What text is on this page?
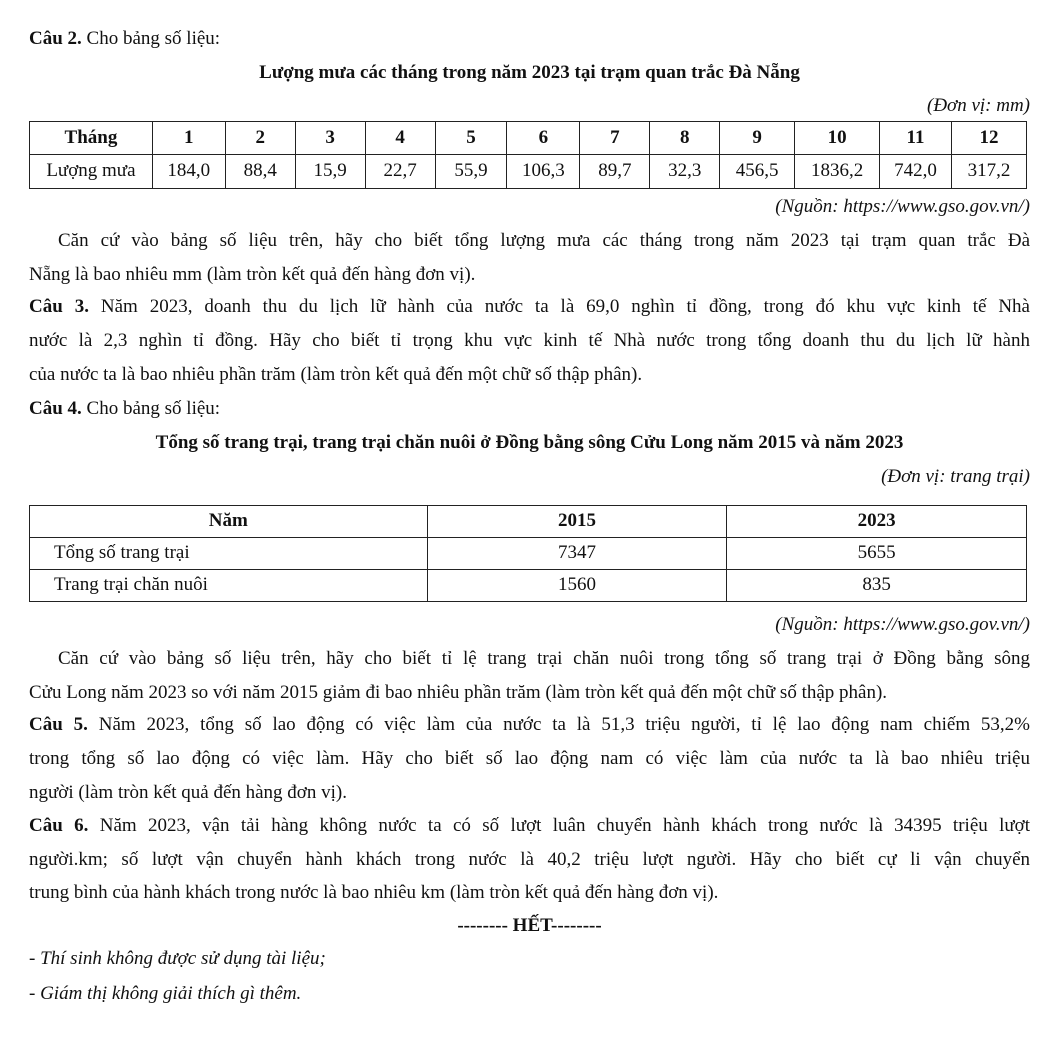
Câu 2. Cho bảng số liệu:
Lượng mưa các tháng trong năm 2023 tại trạm quan trắc Đà Nẵng
(Đơn vị: mm)
Tháng	1	2	3	4	5	6	7	8	9	10	11	12
Lượng mưa	184,0	88,4	15,9	22,7	55,9	106,3	89,7	32,3	456,5	1836,2	742,0	317,2
(Nguồn: https://www.gso.gov.vn/)
Căn cứ vào bảng số liệu trên, hãy cho biết tổng lượng mưa các tháng trong năm 2023 tại trạm quan trắc Đà
Nẵng là bao nhiêu mm (làm tròn kết quả đến hàng đơn vị).
Câu 3. Năm 2023, doanh thu du lịch lữ hành của nước ta là 69,0 nghìn tỉ đồng, trong đó khu vực kinh tế Nhà
nước là 2,3 nghìn tỉ đồng. Hãy cho biết tỉ trọng khu vực kinh tế Nhà nước trong tổng doanh thu du lịch lữ hành
của nước ta là bao nhiêu phần trăm (làm tròn kết quả đến một chữ số thập phân).
Câu 4. Cho bảng số liệu:
Tổng số trang trại, trang trại chăn nuôi ở Đồng bằng sông Cửu Long năm 2015 và năm 2023
(Đơn vị: trang trại)
Năm	2015	2023
Tổng số trang trại	7347	5655
Trang trại chăn nuôi	1560	835
(Nguồn: https://www.gso.gov.vn/)
Căn cứ vào bảng số liệu trên, hãy cho biết tỉ lệ trang trại chăn nuôi trong tổng số trang trại ở Đồng bằng sông
Cửu Long năm 2023 so với năm 2015 giảm đi bao nhiêu phần trăm (làm tròn kết quả đến một chữ số thập phân).
Câu 5. Năm 2023, tổng số lao động có việc làm của nước ta là 51,3 triệu người, tỉ lệ lao động nam chiếm 53,2%
trong tổng số lao động có việc làm. Hãy cho biết số lao động nam có việc làm của nước ta là bao nhiêu triệu
người (làm tròn kết quả đến hàng đơn vị).
Câu 6. Năm 2023, vận tải hàng không nước ta có số lượt luân chuyển hành khách trong nước là 34395 triệu lượt
người.km; số lượt vận chuyển hành khách trong nước là 40,2 triệu lượt người. Hãy cho biết cự li vận chuyển
trung bình của hành khách trong nước là bao nhiêu km (làm tròn kết quả đến hàng đơn vị).
-------- HẾT--------
- Thí sinh không được sử dụng tài liệu;
- Giám thị không giải thích gì thêm.
